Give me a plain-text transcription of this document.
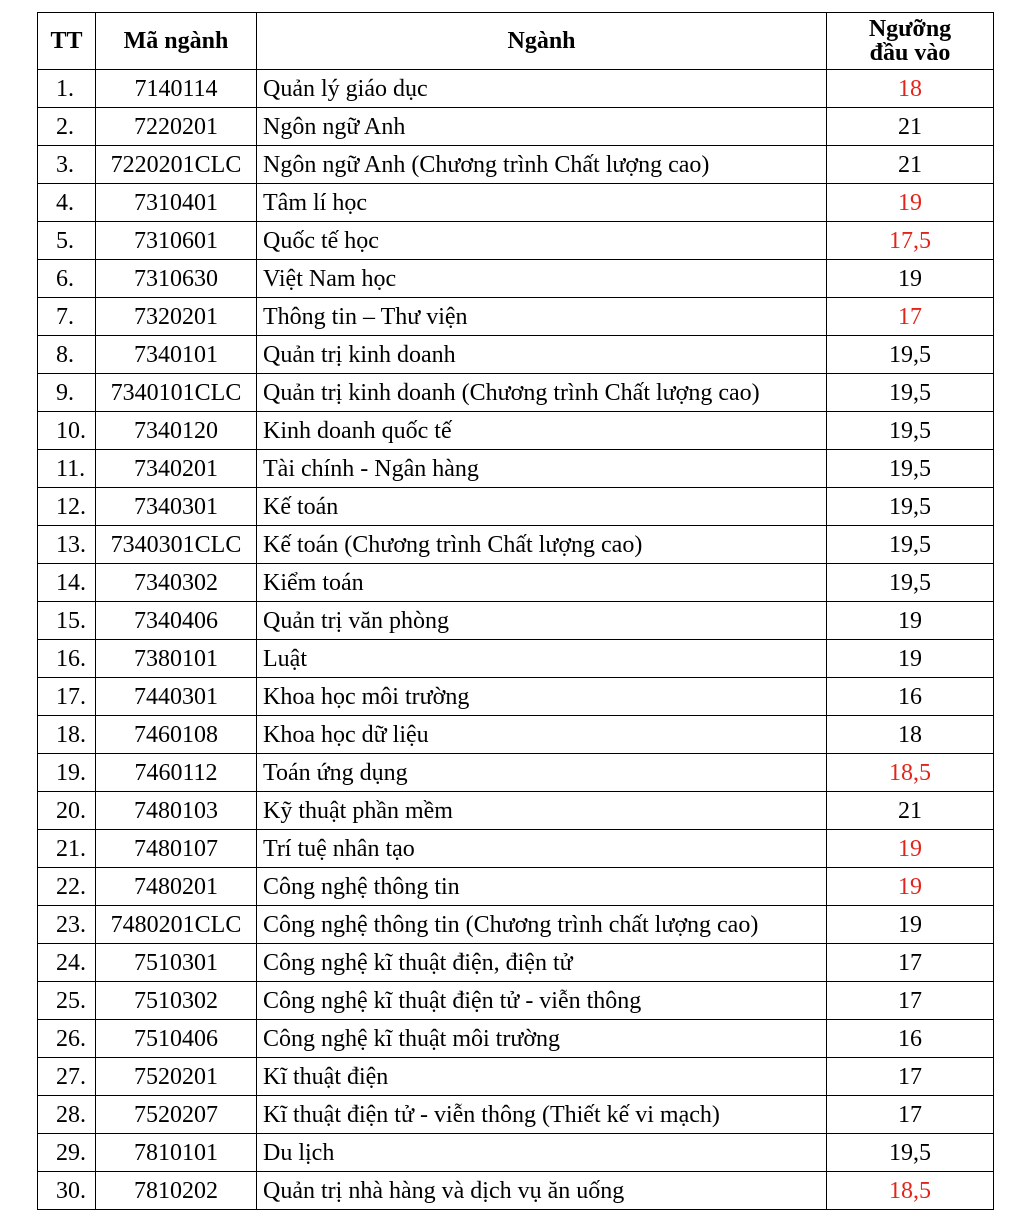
TT	Mã ngành	Ngành	Ngưỡng
đầu vào
1.	7140114	Quản lý giáo dục	18
2.	7220201	Ngôn ngữ Anh	21
3.	7220201CLC	Ngôn ngữ Anh (Chương trình Chất lượng cao)	21
4.	7310401	Tâm lí học	19
5.	7310601	Quốc tế học	17,5
6.	7310630	Việt Nam học	19
7.	7320201	Thông tin – Thư viện	17
8.	7340101	Quản trị kinh doanh	19,5
9.	7340101CLC	Quản trị kinh doanh (Chương trình Chất lượng cao)	19,5
10.	7340120	Kinh doanh quốc tế	19,5
11.	7340201	Tài chính - Ngân hàng	19,5
12.	7340301	Kế toán	19,5
13.	7340301CLC	Kế toán (Chương trình Chất lượng cao)	19,5
14.	7340302	Kiểm toán	19,5
15.	7340406	Quản trị văn phòng	19
16.	7380101	Luật	19
17.	7440301	Khoa học môi trường	16
18.	7460108	Khoa học dữ liệu	18
19.	7460112	Toán ứng dụng	18,5
20.	7480103	Kỹ thuật phần mềm	21
21.	7480107	Trí tuệ nhân tạo	19
22.	7480201	Công nghệ thông tin	19
23.	7480201CLC	Công nghệ thông tin (Chương trình chất lượng cao)	19
24.	7510301	Công nghệ kĩ thuật điện, điện tử	17
25.	7510302	Công nghệ kĩ thuật điện tử - viễn thông	17
26.	7510406	Công nghệ kĩ thuật môi trường	16
27.	7520201	Kĩ thuật điện	17
28.	7520207	Kĩ thuật điện tử - viễn thông (Thiết kế vi mạch)	17
29.	7810101	Du lịch	19,5
30.	7810202	Quản trị nhà hàng và dịch vụ ăn uống	18,5
